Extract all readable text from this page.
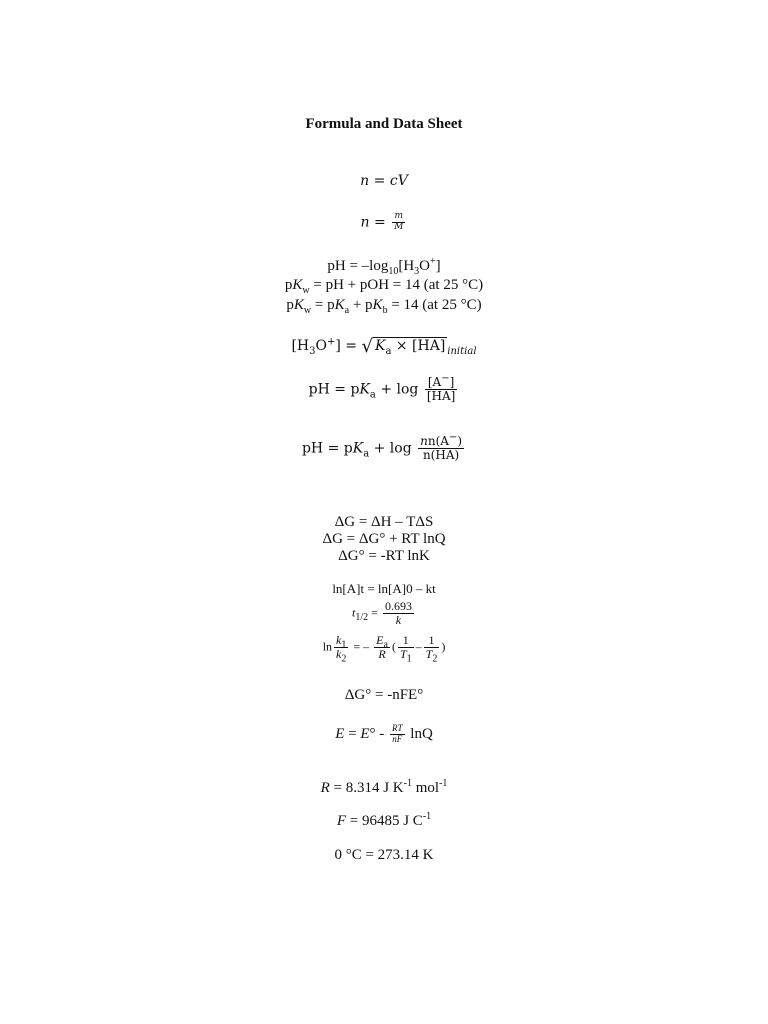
Formula and Data Sheet
n = cV
$n = \frac{m}{M}$
pH = $-\log_{10}[H_3O^+]$
$pK_w$ = pH + pOH = 14 (at 25 °C)
$pK_w = pK_a + pK_b = 14$ (at 25 °C)
$[H_3O^+]$ = √ $K_a \times [HA]$ $_{initial}$
pH = $pK_a + \log \frac{[A^-]}{[HA]}$
pH = $pK_a + \log \frac{nn(A^-)}{n(HA)}$
ΔG = ΔH – TΔS
ΔG = ΔG° + RT lnQ
ΔG° = -RT lnK
ln[A]t = ln[A]0 – kt
$t_{1/2} = \frac{0.693}{k}$
$\ln \frac{k_1}{k_2}$ = – $\frac{E_a}{R}$ ( $\frac{1}{T_1} - \frac{1}{T_2}$ )
ΔG° = -nFE°
$E = E^\circ - \frac{RT}{nF}$ lnQ
R = 8.314 J $K^{-1}$ mol$^{-1}$
F = 96485 J $C^{-1}$
0 °C = 273.14 K
